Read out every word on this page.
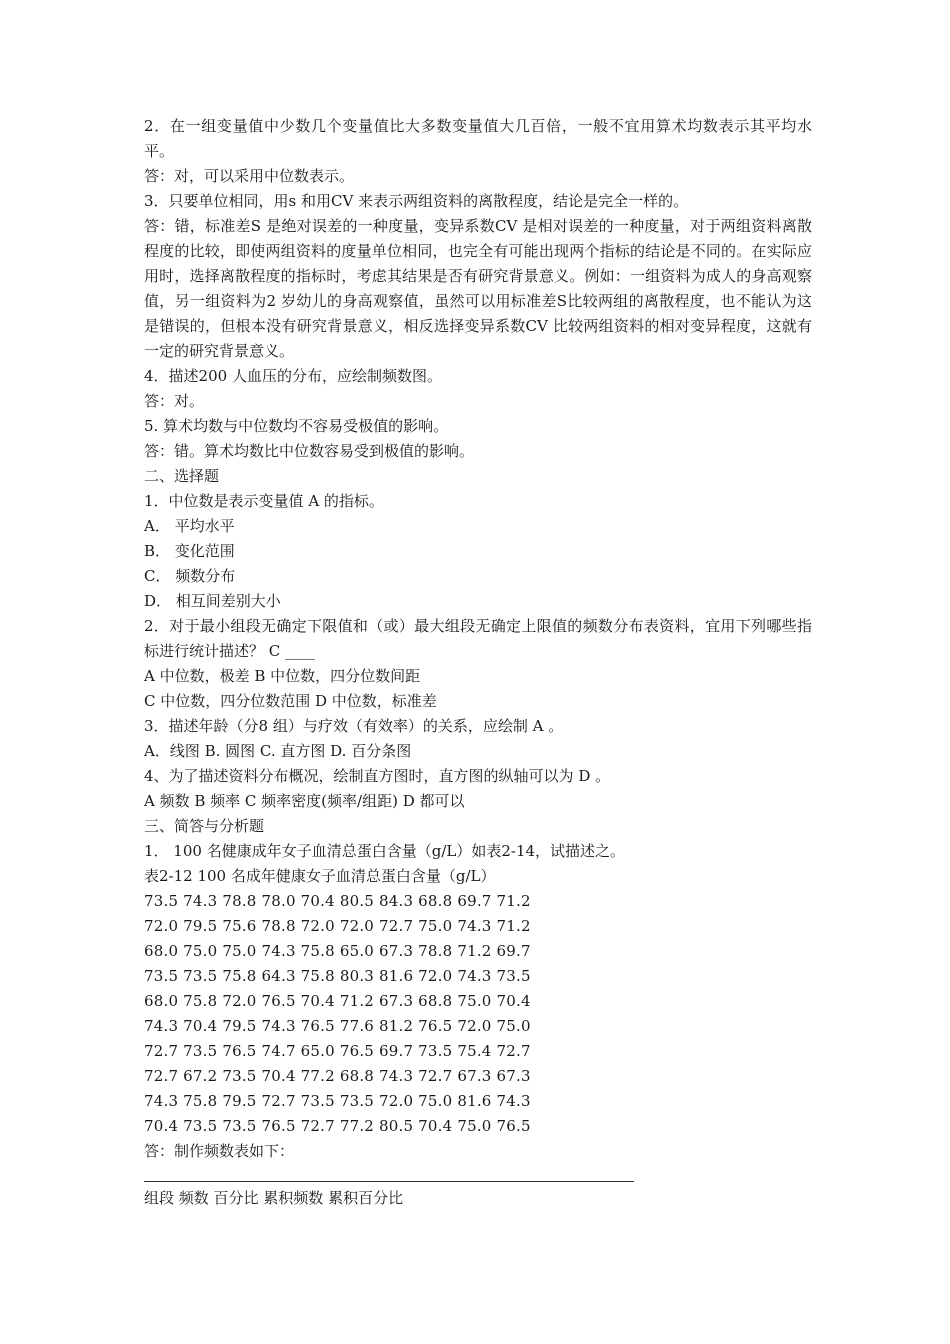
2．在一组变量值中少数几个变量值比大多数变量值大几百倍，一般不宜用算术均数表示其平均水平。
答：对，可以采用中位数表示。
3．只要单位相同，用s 和用CV 来表示两组资料的离散程度，结论是完全一样的。
答：错，标准差S 是绝对误差的一种度量，变异系数CV 是相对误差的一种度量，对于两组资料离散程度的比较，即使两组资料的度量单位相同，也完全有可能出现两个指标的结论是不同的。在实际应用时，选择离散程度的指标时，考虑其结果是否有研究背景意义。例如：一组资料为成人的身高观察值，另一组资料为2 岁幼儿的身高观察值，虽然可以用标准差S比较两组的离散程度，也不能认为这是错误的，但根本没有研究背景意义，相反选择变异系数CV 比较两组资料的相对变异程度，这就有一定的研究背景意义。
4．描述200 人血压的分布，应绘制频数图。
答：对。
5. 算术均数与中位数均不容易受极值的影响。
答：错。算术均数比中位数容易受到极值的影响。
二、选择题
1．中位数是表示变量值 A 的指标。
A． 平均水平
B． 变化范围
C． 频数分布
D． 相互间差别大小
2．对于最小组段无确定下限值和（或）最大组段无确定上限值的频数分布表资料，宜用下列哪些指标进行统计描述？ C ____
A 中位数，极差 B 中位数，四分位数间距
C 中位数，四分位数范围 D 中位数，标准差
3．描述年龄（分8 组）与疗效（有效率）的关系，应绘制 A 。
A．线图 B. 圆图 C. 直方图 D. 百分条图
4、为了描述资料分布概况，绘制直方图时，直方图的纵轴可以为 D 。
A 频数 B 频率 C 频率密度(频率/组距) D 都可以
三、简答与分析题
1． 100 名健康成年女子血清总蛋白含量（g/L）如表2-14，试描述之。
表2-12 100 名成年健康女子血清总蛋白含量（g/L）
73.5 74.3 78.8 78.0 70.4 80.5 84.3 68.8 69.7 71.2
72.0 79.5 75.6 78.8 72.0 72.0 72.7 75.0 74.3 71.2
68.0 75.0 75.0 74.3 75.8 65.0 67.3 78.8 71.2 69.7
73.5 73.5 75.8 64.3 75.8 80.3 81.6 72.0 74.3 73.5
68.0 75.8 72.0 76.5 70.4 71.2 67.3 68.8 75.0 70.4
74.3 70.4 79.5 74.3 76.5 77.6 81.2 76.5 72.0 75.0
72.7 73.5 76.5 74.7 65.0 76.5 69.7 73.5 75.4 72.7
72.7 67.2 73.5 70.4 77.2 68.8 74.3 72.7 67.3 67.3
74.3 75.8 79.5 72.7 73.5 73.5 72.0 75.0 81.6 74.3
70.4 73.5 73.5 76.5 72.7 77.2 80.5 70.4 75.0 76.5
答：制作频数表如下：
组段 频数 百分比 累积频数 累积百分比
